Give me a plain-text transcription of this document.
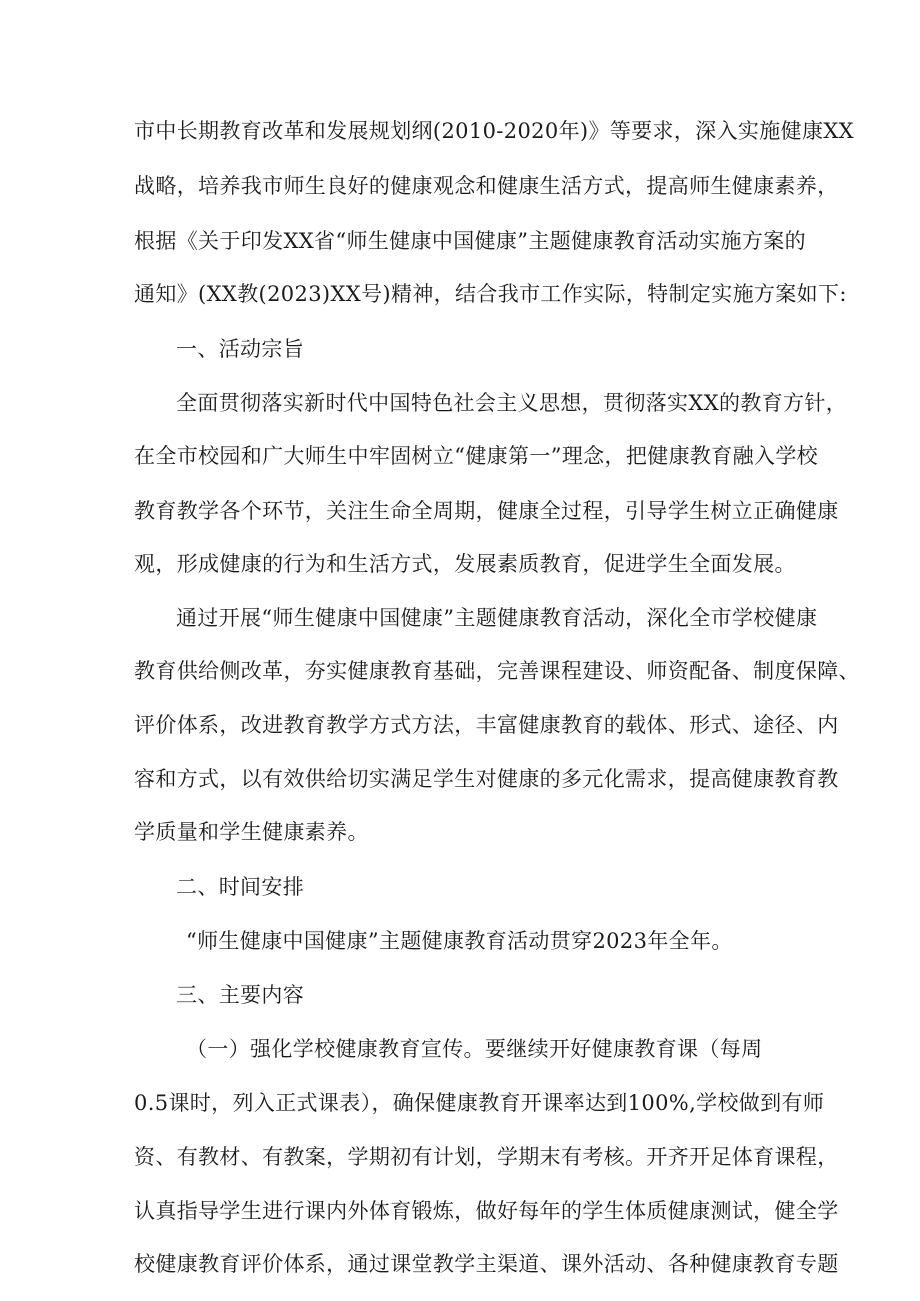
市中长期教育改革和发展规划纲(2010-2020年)》等要求，深入实施健康XX
战略，培养我市师生良好的健康观念和健康生活方式，提高师生健康素养，
根据《关于印发XX省“师生健康中国健康”主题健康教育活动实施方案的
通知》(XX教(2023)XX号)精神，结合我市工作实际，特制定实施方案如下:
一、活动宗旨
全面贯彻落实新时代中国特色社会主义思想，贯彻落实XX的教育方针，
在全市校园和广大师生中牢固树立“健康第一”理念，把健康教育融入学校
教育教学各个环节，关注生命全周期，健康全过程，引导学生树立正确健康
观，形成健康的行为和生活方式，发展素质教育，促进学生全面发展。
通过开展“师生健康中国健康”主题健康教育活动，深化全市学校健康
教育供给侧改革，夯实健康教育基础，完善课程建设、师资配备、制度保障、
评价体系，改进教育教学方式方法，丰富健康教育的载体、形式、途径、内
容和方式，以有效供给切实满足学生对健康的多元化需求，提高健康教育教
学质量和学生健康素养。
二、时间安排
“师生健康中国健康”主题健康教育活动贯穿2023年全年。
三、主要内容
（一）强化学校健康教育宣传。要继续开好健康教育课（每周
0.5课时，列入正式课表），确保健康教育开课率达到100%,学校做到有师
资、有教材、有教案，学期初有计划，学期末有考核。开齐开足体育课程，
认真指导学生进行课内外体育锻炼，做好每年的学生体质健康测试，健全学
校健康教育评价体系，通过课堂教学主渠道、课外活动、各种健康教育专题
